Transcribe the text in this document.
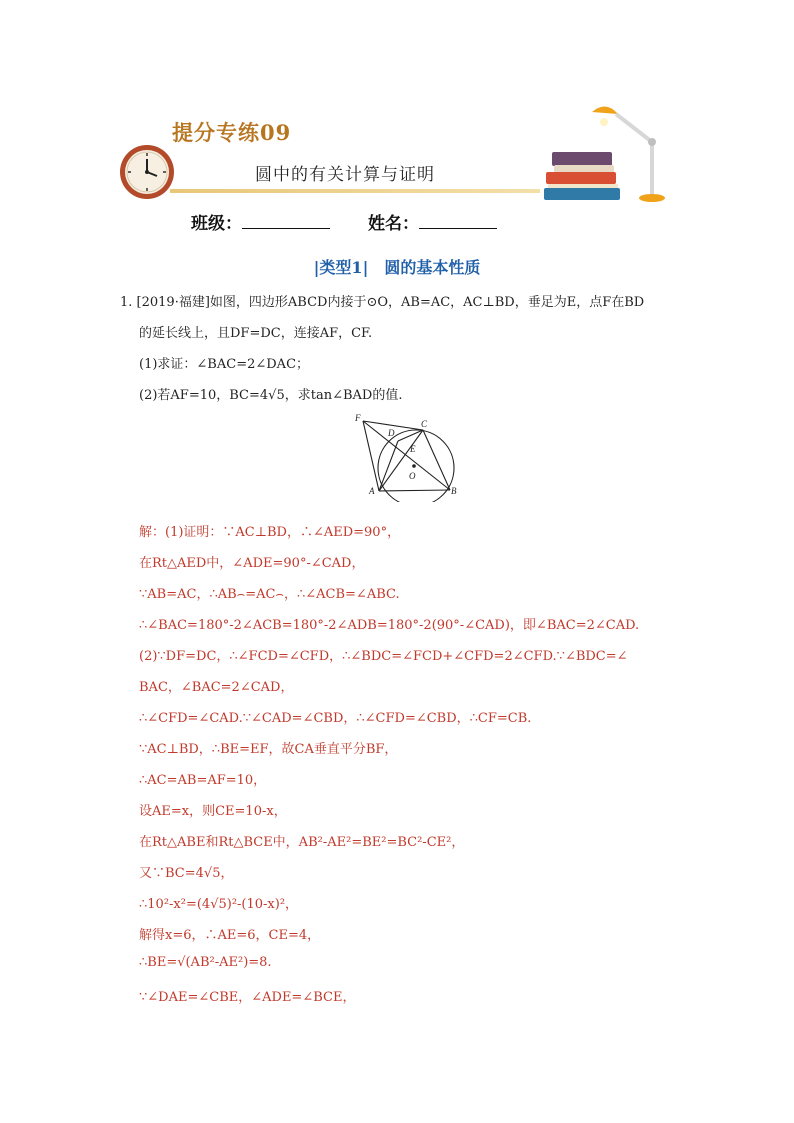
提分专练09
圆中的有关计算与证明
班级：	姓名：
|类型1|　圆的基本性质
1. [2019·福建]如图，四边形ABCD内接于⊙O，AB=AC，AC⊥BD，垂足为E，点F在BD
的延长线上，且DF=DC，连接AF，CF.
(1)求证：∠BAC=2∠DAC；
(2)若AF=10，BC=4√5，求tan∠BAD的值.
F
D
C
E
O
A	B
解：(1)证明：∵AC⊥BD，∴∠AED=90°，
在Rt△AED中，∠ADE=90°-∠CAD，
∵AB=AC，∴AB⌢=AC⌢，∴∠ACB=∠ABC.
∴∠BAC=180°-2∠ACB=180°-2∠ADB=180°-2(90°-∠CAD)，即∠BAC=2∠CAD.
(2)∵DF=DC，∴∠FCD=∠CFD，∴∠BDC=∠FCD+∠CFD=2∠CFD.∵∠BDC=∠
BAC，∠BAC=2∠CAD，
∴∠CFD=∠CAD.∵∠CAD=∠CBD，∴∠CFD=∠CBD，∴CF=CB.
∵AC⊥BD，∴BE=EF，故CA垂直平分BF，
∴AC=AB=AF=10，
设AE=x，则CE=10-x，
在Rt△ABE和Rt△BCE中，AB²-AE²=BE²=BC²-CE²，
又∵BC=4√5，
∴10²-x²=(4√5)²-(10-x)²，
解得x=6，∴AE=6，CE=4，
∴BE=√(AB²-AE²)=8.
∵∠DAE=∠CBE，∠ADE=∠BCE，
